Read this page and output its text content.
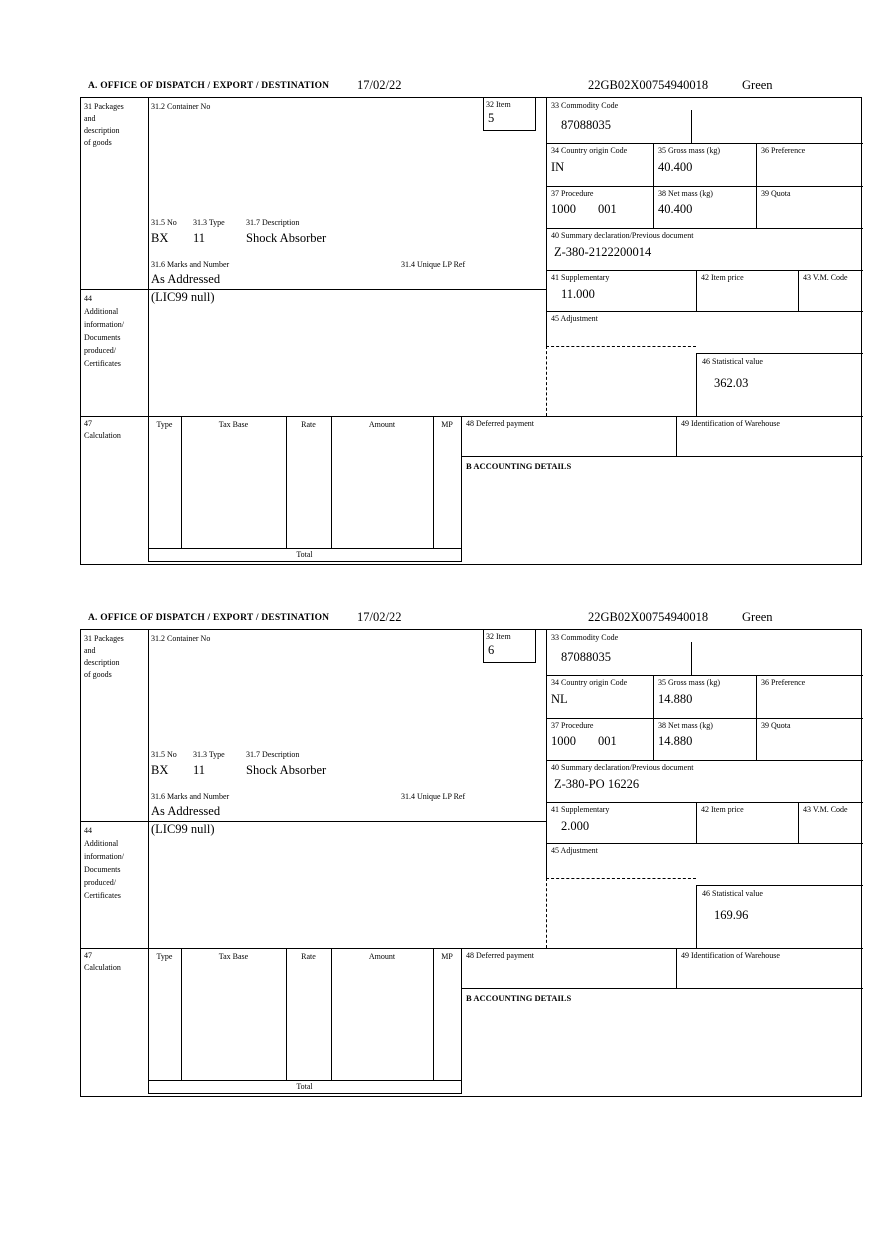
A. OFFICE OF DISPATCH / EXPORT / DESTINATION 17/02/22	22GB02X00754940018	Green
31 Packages
and
description
of goods
44
Additional
information/
Documents
produced/
Certificates
47
Calculation
31.2 Container No	32 Item
5
31.5 No 31.3 Type	31.7 Description
BX 11	Shock Absorber
31.6 Marks and Number	31.4 Unique LP Ref
As Addressed
(LIC99 null)
33 Commodity Code
87088035
34 Country origin Code
IN
35 Gross mass (kg)
40.400
36 Preference
37 Procedure
1000 001
38 Net mass (kg)
40.400
39 Quota
40 Summary declaration/Previous document
Z-380-2122200014
41 Supplementary
11.000
42 Item price	43 V.M. Code
45 Adjustment
46 Statistical value
362.03
Type	Tax Base	Rate	Amount	MP
Total
48 Deferred payment	49 Identification of Warehouse
B ACCOUNTING DETAILS
A. OFFICE OF DISPATCH / EXPORT / DESTINATION 17/02/22	22GB02X00754940018	Green
31 Packages
and
description
of goods
44
Additional
information/
Documents
produced/
Certificates
47
Calculation
31.2 Container No	32 Item
6
31.5 No 31.3 Type	31.7 Description
BX 11	Shock Absorber
31.6 Marks and Number	31.4 Unique LP Ref
As Addressed
(LIC99 null)
33 Commodity Code
87088035
34 Country origin Code
NL
35 Gross mass (kg)
14.880
36 Preference
37 Procedure
1000 001
38 Net mass (kg)
14.880
39 Quota
40 Summary declaration/Previous document
Z-380-PO 16226
41 Supplementary
2.000
42 Item price	43 V.M. Code
45 Adjustment
46 Statistical value
169.96
Type	Tax Base	Rate	Amount	MP
Total
48 Deferred payment	49 Identification of Warehouse
B ACCOUNTING DETAILS
